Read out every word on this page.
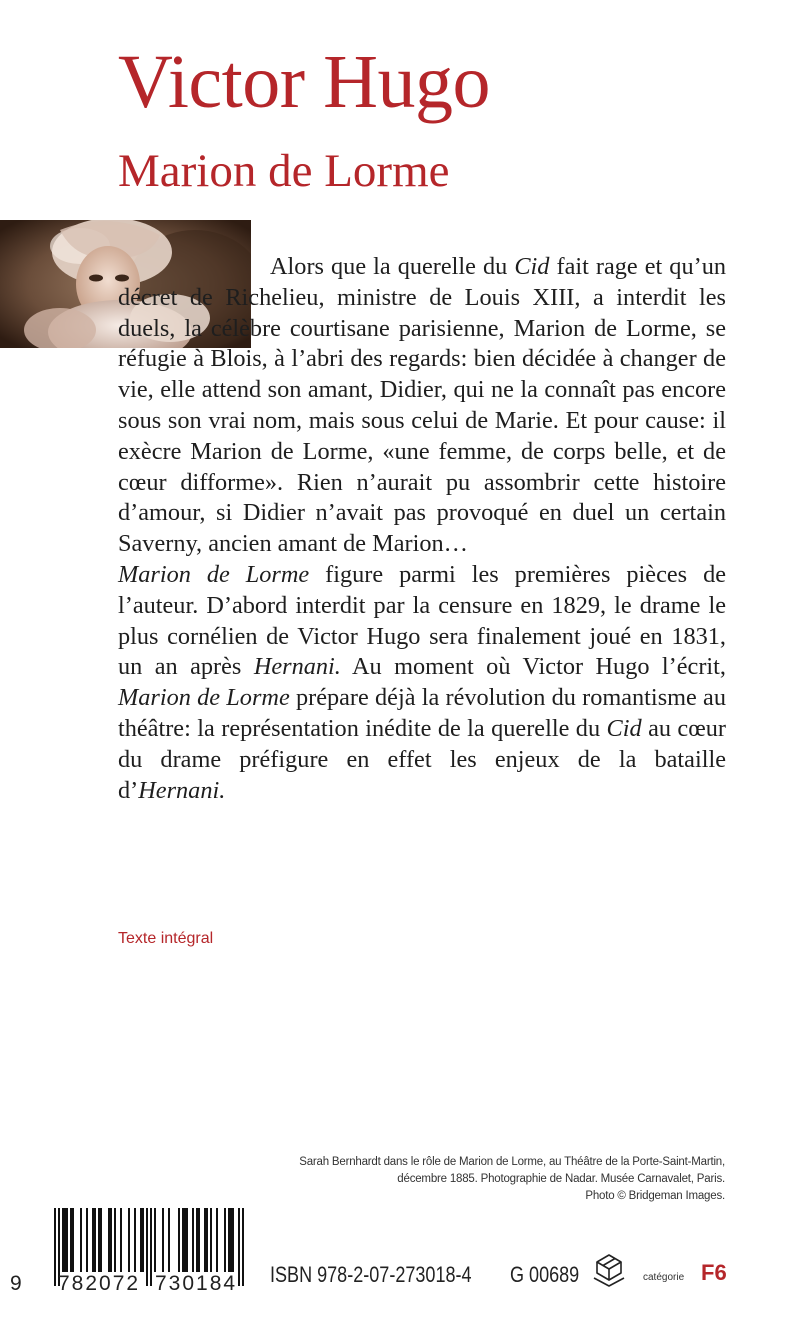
Victor Hugo
Marion de Lorme

Alors que la querelle du Cid fait rage et qu’un décret de Richelieu, ministre de Louis XIII, a interdit les duels, la célèbre courtisane parisienne, Marion de Lorme, se réfugie à Blois, à l’abri des regards: bien décidée à changer de vie, elle attend son amant, Didier, qui ne la connaît pas encore sous son vrai nom, mais sous celui de Marie. Et pour cause: il exècre Marion de Lorme, «une femme, de corps belle, et de cœur difforme». Rien n’aurait pu assombrir cette histoire d’amour, si Didier n’avait pas provoqué en duel un certain Saverny, ancien amant de Marion…

Marion de Lorme figure parmi les premières pièces de l’auteur. D’abord interdit par la censure en 1829, le drame le plus cornélien de Victor Hugo sera finalement joué en 1831, un an après Hernani. Au moment où Victor Hugo l’écrit, Marion de Lorme prépare déjà la révolution du romantisme au théâtre: la représentation inédite de la querelle du Cid au cœur du drame préfigure en effet les enjeux de la bataille d’Hernani.

Texte intégral
Sarah Bernhardt dans le rôle de Marion de Lorme, au Théâtre de la Porte-Saint-Martin,
décembre 1885. Photographie de Nadar. Musée Carnavalet, Paris.
Photo © Bridgeman Images.
9 782072 730184 ISBN 978-2-07-273018-4 G 00689	catégorie F6
